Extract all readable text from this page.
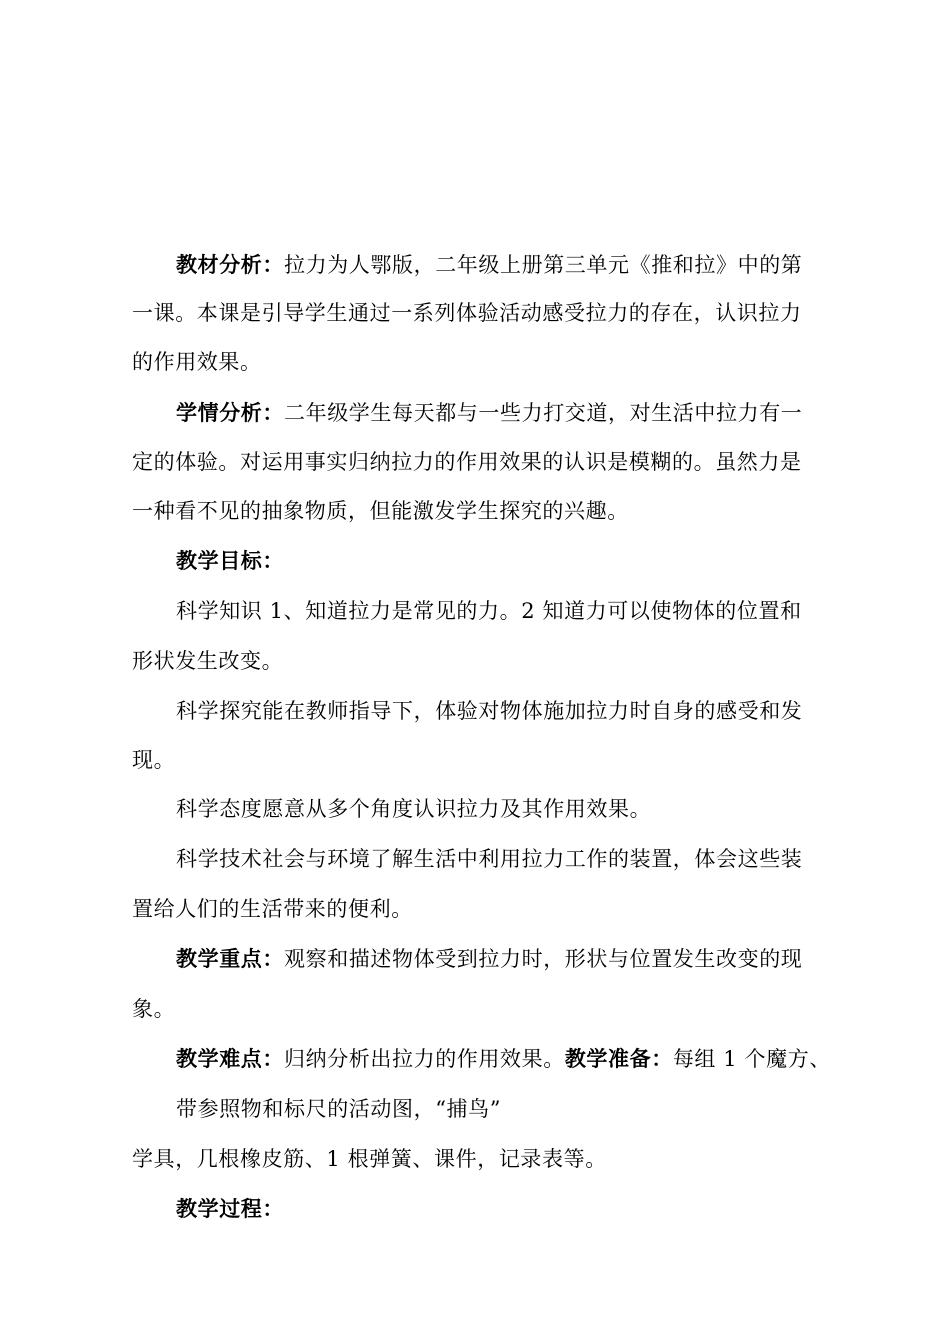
教材分析：拉力为人鄂版，二年级上册第三单元《推和拉》中的第
一课。本课是引导学生通过一系列体验活动感受拉力的存在，认识拉力
的作用效果。
学情分析：二年级学生每天都与一些力打交道，对生活中拉力有一
定的体验。对运用事实归纳拉力的作用效果的认识是模糊的。虽然力是
一种看不见的抽象物质，但能激发学生探究的兴趣。
教学目标：
科学知识 1、知道拉力是常见的力。2 知道力可以使物体的位置和
形状发生改变。
科学探究能在教师指导下，体验对物体施加拉力时自身的感受和发
现。
科学态度愿意从多个角度认识拉力及其作用效果。
科学技术社会与环境了解生活中利用拉力工作的装置，体会这些装
置给人们的生活带来的便利。
教学重点：观察和描述物体受到拉力时，形状与位置发生改变的现
象。
教学难点：归纳分析出拉力的作用效果。教学准备：每组 1 个魔方、
带参照物和标尺的活动图，“捕鸟”
学具，几根橡皮筋、1 根弹簧、课件，记录表等。
教学过程：
